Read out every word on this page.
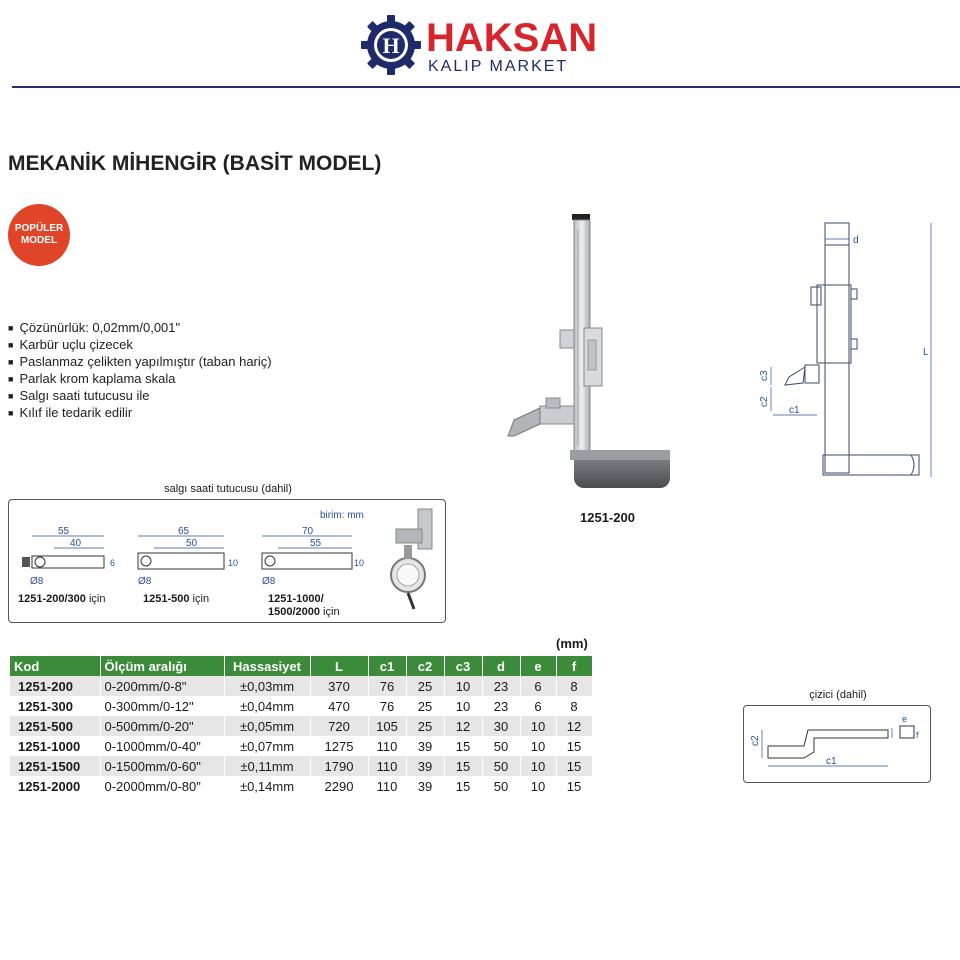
H HAKSAN
KALIP MARKET
MEKANİK MİHENGİR (BASİT MODEL)
POPÜLER
MODEL
■ Çözünürlük: 0,02mm/0,001"
■ Karbür uçlu çizecek
■ Paslanmaz çelikten yapılmıştır (taban hariç)
■ Parlak krom kaplama skala
■ Salgı saati tutucusu ile
■ Kılıf ile tedarik edilir
1251-200
d
L
c3
c2
c1
salgı saati tutucusu (dahil)
birim: mm
55
40
6
Ø8
1251-200/300 için
65
50
10
Ø8
1251-500 için
70
55
10
Ø8
1251-1000/
1500/2000 için
(mm)
Kod	Ölçüm aralığı	Hassasiyet	L	c1	c2	c3	d	e	f
1251-200	0-200mm/0-8"	±0,03mm	370	76	25	10	23	6	8
1251-300	0-300mm/0-12"	±0,04mm	470	76	25	10	23	6	8
1251-500	0-500mm/0-20"	±0,05mm	720	105	25	12	30	10	12
1251-1000	0-1000mm/0-40"	±0,07mm	1275	110	39	15	50	10	15
1251-1500	0-1500mm/0-60"	±0,11mm	1790	110	39	15	50	10	15
1251-2000	0-2000mm/0-80"	±0,14mm	2290	110	39	15	50	10	15
çizici (dahil)
c2
c1
e
f
